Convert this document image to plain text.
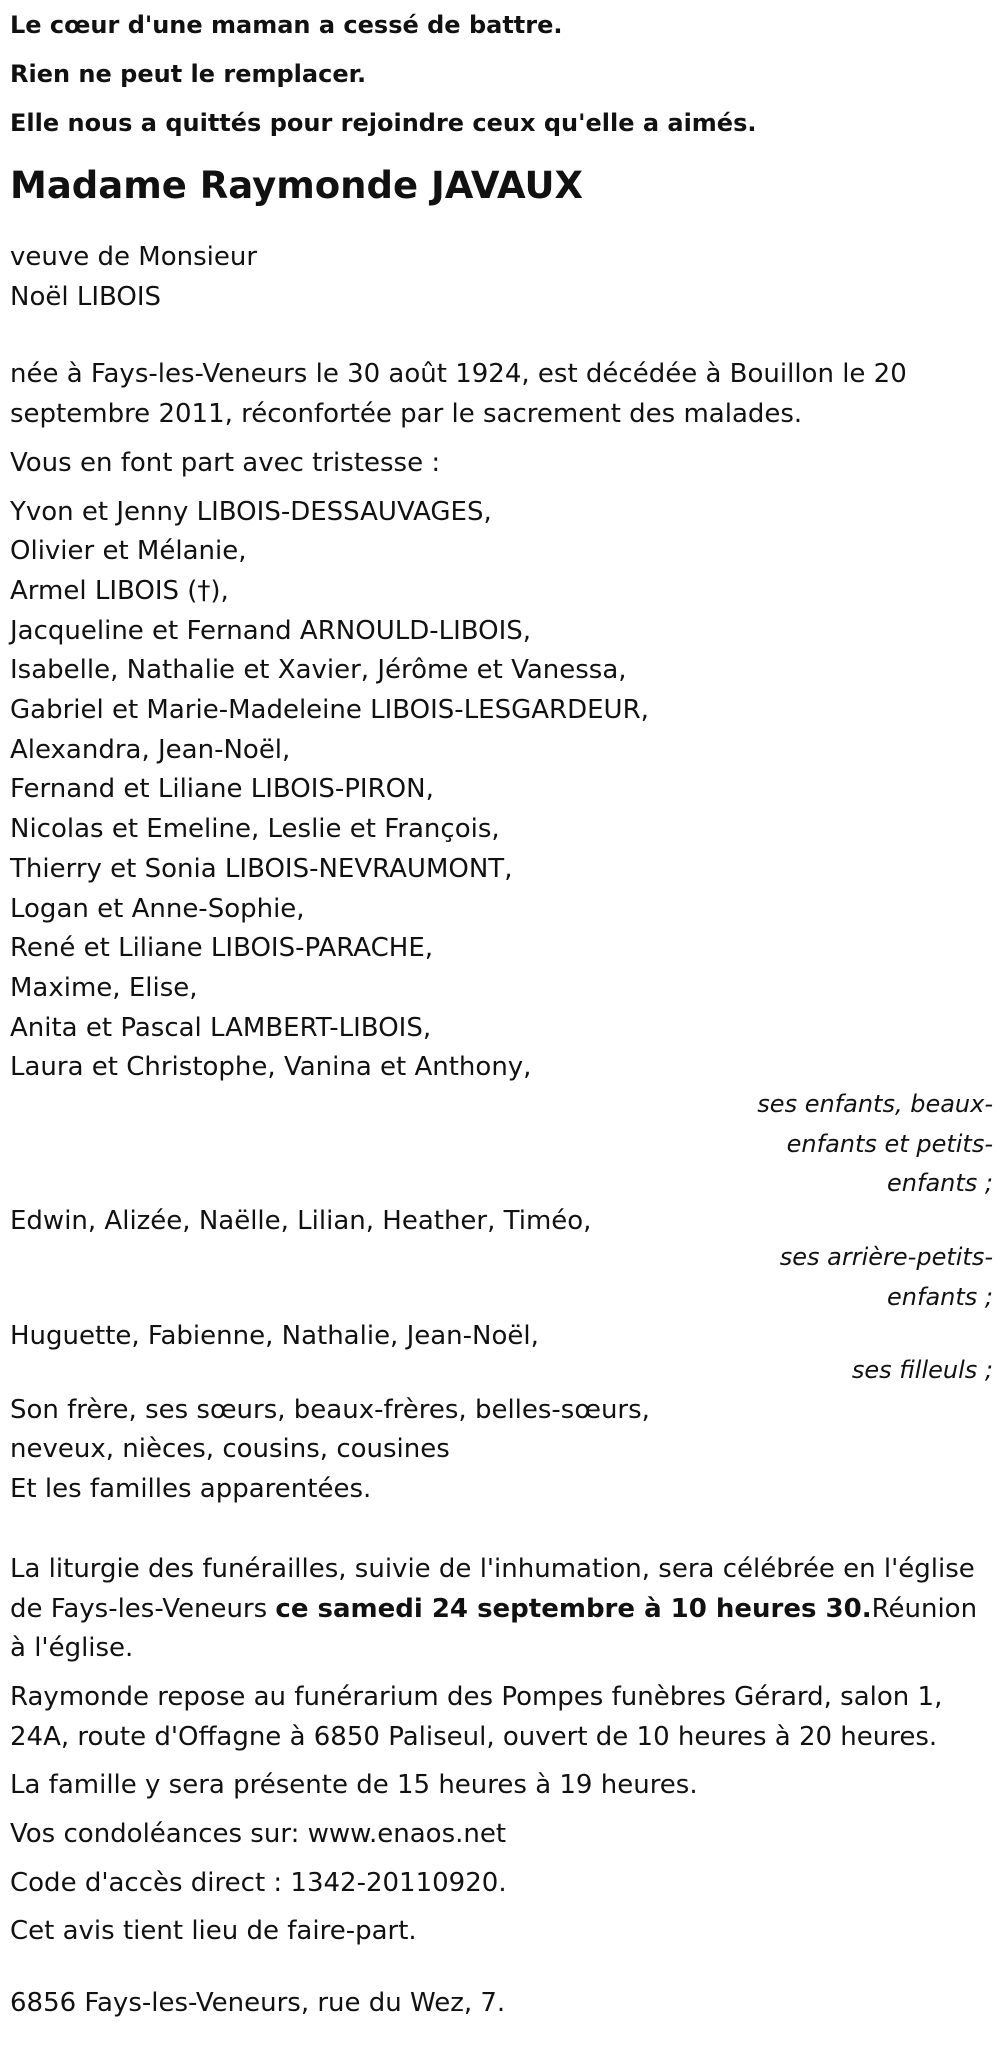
Le cœur d'une maman a cessé de battre.

Rien ne peut le remplacer.

Elle nous a quittés pour rejoindre ceux qu'elle a aimés.

Madame Raymonde JAVAUX
veuve de Monsieur
Noël LIBOIS

née à Fays-les-Veneurs le 30 août 1924, est décédée à Bouillon le 20 septembre 2011, réconfortée par le sacrement des malades.

Vous en font part avec tristesse :

Yvon et Jenny LIBOIS-DESSAUVAGES,
Olivier et Mélanie,
Armel LIBOIS (†),
Jacqueline et Fernand ARNOULD-LIBOIS,
Isabelle, Nathalie et Xavier, Jérôme et Vanessa,
Gabriel et Marie-Madeleine LIBOIS-LESGARDEUR,
Alexandra, Jean-Noël,
Fernand et Liliane LIBOIS-PIRON,
Nicolas et Emeline, Leslie et François,
Thierry et Sonia LIBOIS-NEVRAUMONT,
Logan et Anne-Sophie,
René et Liliane LIBOIS-PARACHE,
Maxime, Elise,
Anita et Pascal LAMBERT-LIBOIS,
Laura et Christophe, Vanina et Anthony,
ses enfants, beaux-enfants et petits-enfants ;
Edwin, Alizée, Naëlle, Lilian, Heather, Timéo,
ses arrière-petits-enfants ;
Huguette, Fabienne, Nathalie, Jean-Noël,
ses filleuls ;
Son frère, ses sœurs, beaux-frères, belles-sœurs,
neveux, nièces, cousins, cousines
Et les familles apparentées.

La liturgie des funérailles, suivie de l'inhumation, sera célébrée en l'église de Fays-les-Veneurs ce samedi 24 septembre à 10 heures 30.Réunion à l'église.

Raymonde repose au funérarium des Pompes funèbres Gérard, salon 1, 24A, route d'Offagne à 6850 Paliseul, ouvert de 10 heures à 20 heures.

La famille y sera présente de 15 heures à 19 heures.

Vos condoléances sur: www.enaos.net

Code d'accès direct : 1342-20110920.

Cet avis tient lieu de faire-part.

6856 Fays-les-Veneurs, rue du Wez, 7.
